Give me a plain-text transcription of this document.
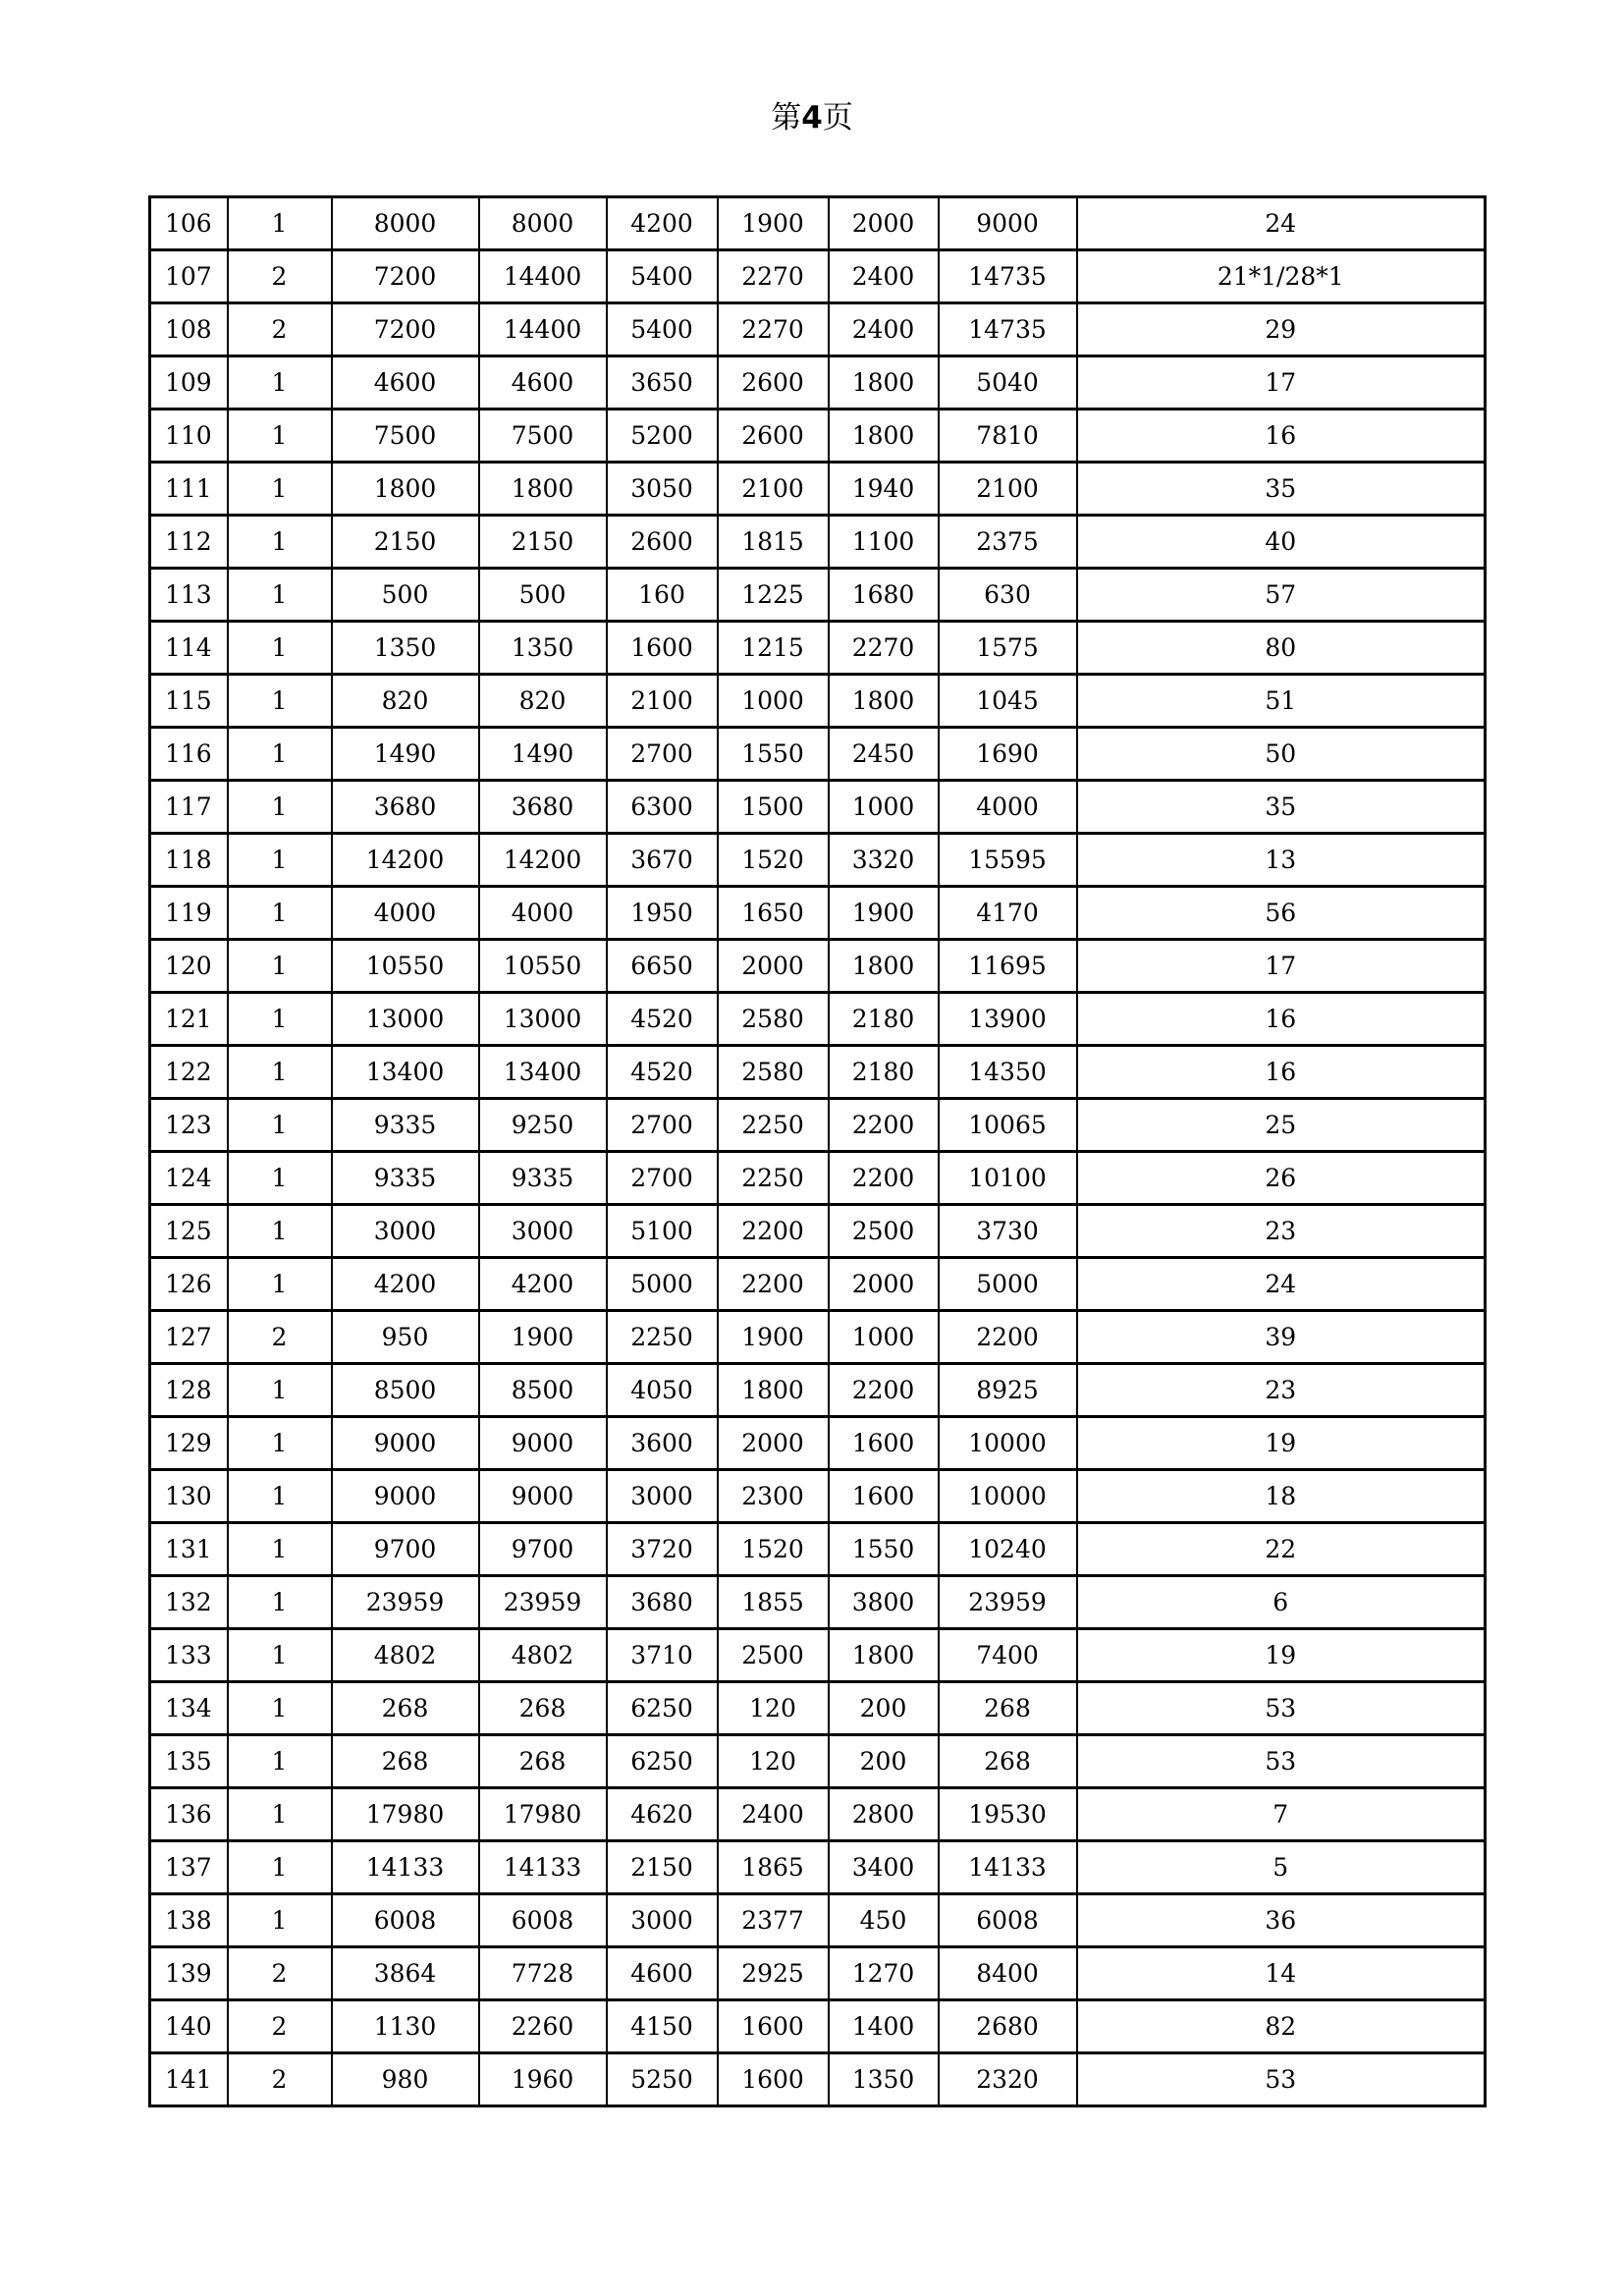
第4页
106	1	8000	8000	4200	1900	2000	9000	24
107	2	7200	14400	5400	2270	2400	14735	21*1/28*1
108	2	7200	14400	5400	2270	2400	14735	29
109	1	4600	4600	3650	2600	1800	5040	17
110	1	7500	7500	5200	2600	1800	7810	16
111	1	1800	1800	3050	2100	1940	2100	35
112	1	2150	2150	2600	1815	1100	2375	40
113	1	500	500	160	1225	1680	630	57
114	1	1350	1350	1600	1215	2270	1575	80
115	1	820	820	2100	1000	1800	1045	51
116	1	1490	1490	2700	1550	2450	1690	50
117	1	3680	3680	6300	1500	1000	4000	35
118	1	14200	14200	3670	1520	3320	15595	13
119	1	4000	4000	1950	1650	1900	4170	56
120	1	10550	10550	6650	2000	1800	11695	17
121	1	13000	13000	4520	2580	2180	13900	16
122	1	13400	13400	4520	2580	2180	14350	16
123	1	9335	9250	2700	2250	2200	10065	25
124	1	9335	9335	2700	2250	2200	10100	26
125	1	3000	3000	5100	2200	2500	3730	23
126	1	4200	4200	5000	2200	2000	5000	24
127	2	950	1900	2250	1900	1000	2200	39
128	1	8500	8500	4050	1800	2200	8925	23
129	1	9000	9000	3600	2000	1600	10000	19
130	1	9000	9000	3000	2300	1600	10000	18
131	1	9700	9700	3720	1520	1550	10240	22
132	1	23959	23959	3680	1855	3800	23959	6
133	1	4802	4802	3710	2500	1800	7400	19
134	1	268	268	6250	120	200	268	53
135	1	268	268	6250	120	200	268	53
136	1	17980	17980	4620	2400	2800	19530	7
137	1	14133	14133	2150	1865	3400	14133	5
138	1	6008	6008	3000	2377	450	6008	36
139	2	3864	7728	4600	2925	1270	8400	14
140	2	1130	2260	4150	1600	1400	2680	82
141	2	980	1960	5250	1600	1350	2320	53
